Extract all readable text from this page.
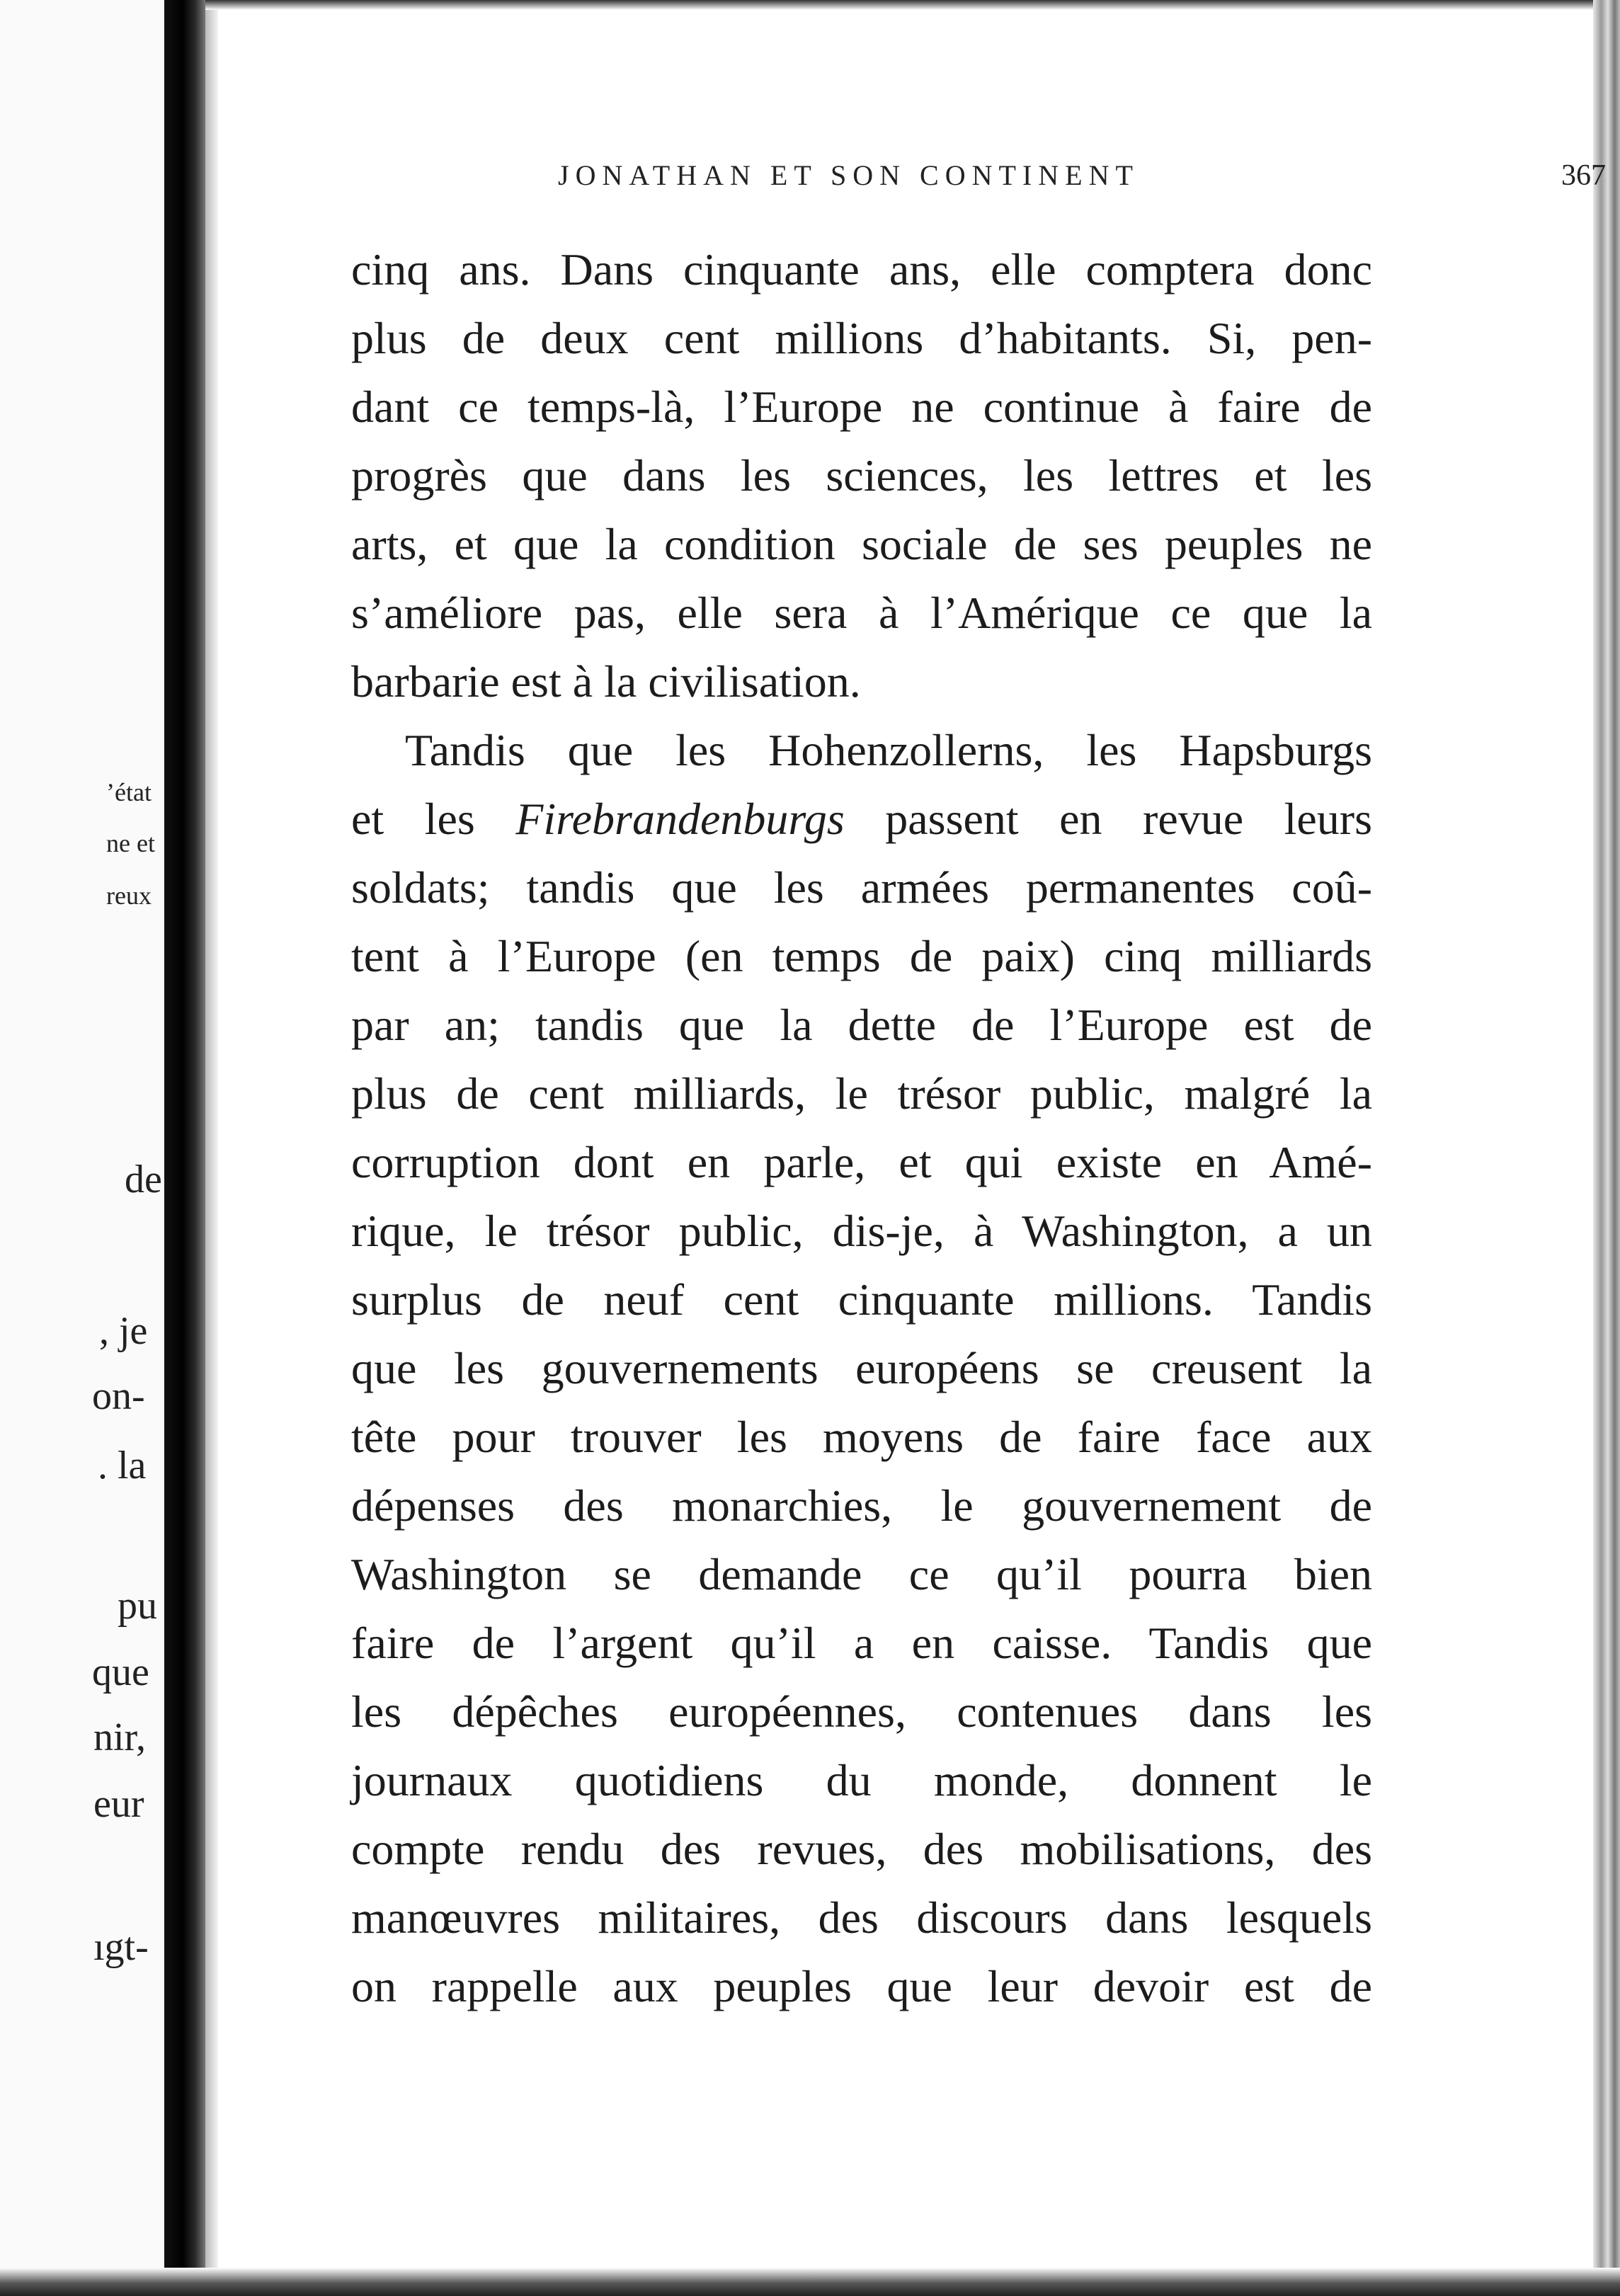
’état
ne et
reux
de
, je
on-
. la
pu
que
nir,
eur
ıgt-
JONATHAN ET SON CONTINENT	367
cinq ans. Dans cinquante ans, elle comptera donc
plus de deux cent millions d’habitants. Si, pen-
dant ce temps-là, l’Europe ne continue à faire de
progrès que dans les sciences, les lettres et les
arts, et que la condition sociale de ses peuples ne
s’améliore pas, elle sera à l’Amérique ce que la
barbarie est à la civilisation.
Tandis que les Hohenzollerns, les Hapsburgs
et les Firebrandenburgs passent en revue leurs
soldats; tandis que les armées permanentes coû-
tent à l’Europe (en temps de paix) cinq milliards
par an; tandis que la dette de l’Europe est de
plus de cent milliards, le trésor public, malgré la
corruption dont en parle, et qui existe en Amé-
rique, le trésor public, dis-je, à Washington, a un
surplus de neuf cent cinquante millions. Tandis
que les gouvernements européens se creusent la
tête pour trouver les moyens de faire face aux
dépenses des monarchies, le gouvernement de
Washington se demande ce qu’il pourra bien
faire de l’argent qu’il a en caisse. Tandis que
les dépêches européennes, contenues dans les
journaux quotidiens du monde, donnent le
compte rendu des revues, des mobilisations, des
manœuvres militaires, des discours dans lesquels
on rappelle aux peuples que leur devoir est de
